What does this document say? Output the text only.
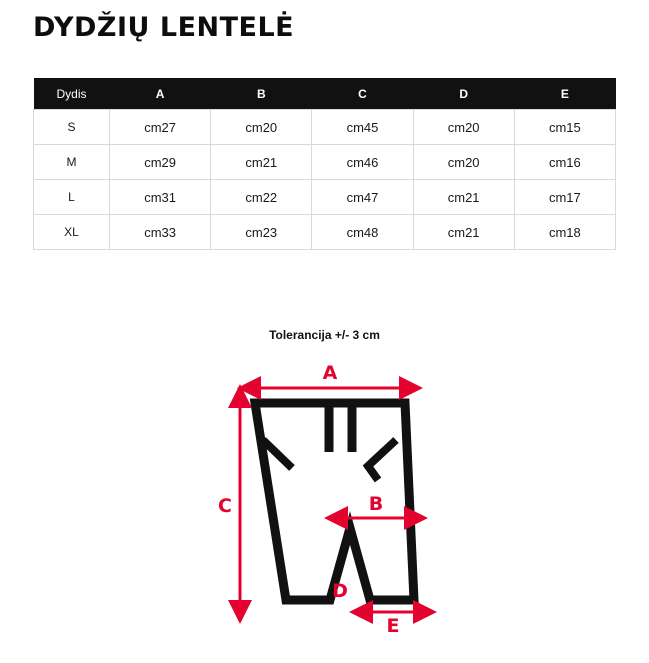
DYDŽIŲ LENTELĖ
Dydis	A	B	C	D	E
S	cm27	cm20	cm45	cm20	cm15
M	cm29	cm21	cm46	cm20	cm16
L	cm31	cm22	cm47	cm21	cm17
XL	cm33	cm23	cm48	cm21	cm18
Tolerancija +/- 3 cm
A
C	B
D
E
